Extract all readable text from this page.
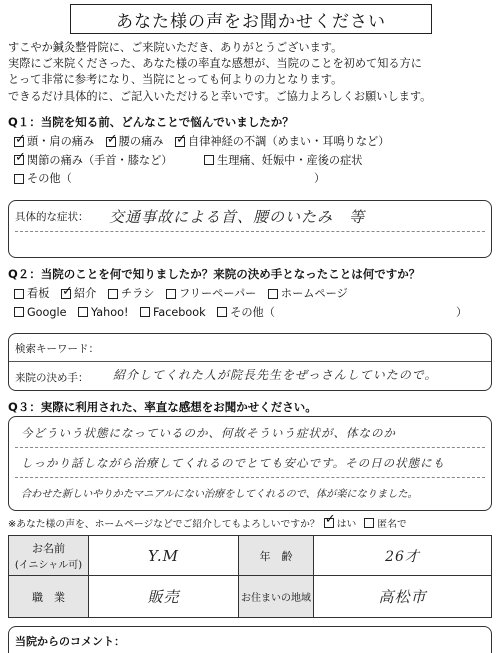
あなた様の声をお聞かせください
すこやか鍼灸整骨院に、ご来院いただき、ありがとうございます。
実際にご来院くださった、あなた様の率直な感想が、当院のことを初めて知る方に
とって非常に参考になり、当院にとっても何よりの力となります。
できるだけ具体的に、ご記入いただけると幸いです。ご協力よろしくお願いします。
Q１：当院を知る前、どんなことで悩んでいましたか？
✓
頭・肩の痛み
✓ 腰の痛み
✓ 自律神経の不調（めまい・耳鳴りなど）
✓
関節の痛み（手首・膝など）
	生理痛、妊娠中・産後の症状
その他（	）
具体的な症状： 交通事故による首、腰のいたみ　等
Q２：当院のことを何で知りましたか？来院の決め手となったことは何ですか？
看板
✓ 紹介
チラシ
フリーペーパー
ホームページ
Google
Yahoo!
Facebook
その他（	）
検索キーワード：
来院の決め手： 紹介してくれた人が院長先生をぜっさんしていたので。
Q３：実際に利用された、率直な感想をお聞かせください。
今どういう状態になっているのか、何故そういう症状が、体なのか
しっかり話しながら治療してくれるのでとても安心です。その日の状態にも
合わせた新しいやりかたマニアルにない治療をしてくれるので、体が楽になりました。
※あなた様の声を、ホームページなどでご紹介してもよろしいですか？ ✓ はい 匿名で
お名前
(イニシャル可)	Y.M	年　齢	26才
職　業	販売	お住まいの地域	高松市
当院からのコメント：
